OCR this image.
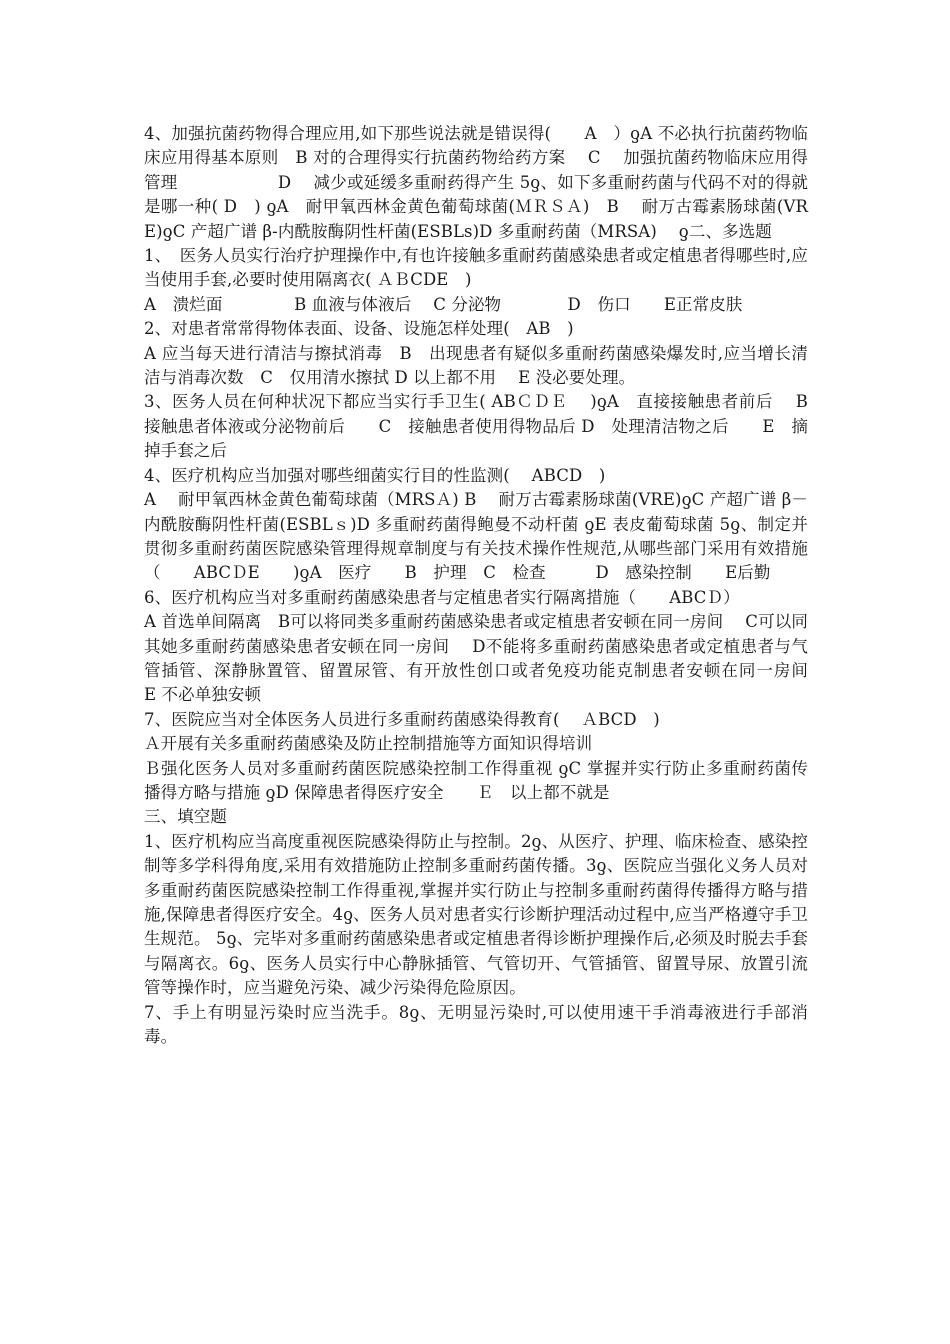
4、加强抗菌药物得合理应用,如下那些说法就是错误得(　　A　）ƍA 不必执行抗菌药物临床应用得基本原则　B 对的合理得实行抗菌药物给药方案　 C　 加强抗菌药物临床应用得管理　　　　　　D　 减少或延缓多重耐药得产生 5ƍ、如下多重耐药菌与代码不对的得就是哪一种( D　) ƍA　耐甲氧西林金黄色葡萄球菌(ＭＲＳＡ)　B　 耐万古霉素肠球菌(VRE)ƍC 产超广谱 β-内酰胺酶阴性杆菌(ESBLs)D 多重耐药菌（MRSA)　 ƍ二、多选题

1、　医务人员实行治疗护理操作中,有也许接触多重耐药菌感染患者或定植患者得哪些时,应当使用手套,必要时使用隔离衣( ＡＢCDE　)

A　溃烂面　　　　 B 血液与体液后　 C 分泌物　　　　D　伤口　　E正常皮肤

2、对患者常常得物体表面、设备、设施怎样处理(　AB　)

A 应当每天进行清洁与擦拭消毒　B　出现患者有疑似多重耐药菌感染爆发时,应当增长清洁与消毒次数　C　仅用清水擦拭 D 以上都不用　 E 没必要处理。

3、医务人员在何种状况下都应当实行手卫生( ABＣＤＥ　 )ƍA　直接接触患者前后　 B　接触患者体液或分泌物前后　　C　接触患者使用得物品后 D　处理清洁物之后　　E　摘掉手套之后

4、医疗机构应当加强对哪些细菌实行目的性监测( 　ABCD　)

A　 耐甲氧西林金黄色葡萄球菌（MRSＡ) B　 耐万古霉素肠球菌(VRE)ƍC 产超广谱 β－内酰胺酶阴性杆菌(ESBLｓ)D 多重耐药菌得鲍曼不动杆菌 ƍE 表皮葡萄球菌 5ƍ、制定并贯彻多重耐药菌医院感染管理得规章制度与有关技术操作性规范,从哪些部门采用有效措施（　　ABCＤE　　)ƍA　医疗　　B　护理　C　检查　　　D　感染控制　　E后勤

6、医疗机构应当对多重耐药菌感染患者与定植患者实行隔离措施（　　ABCＤ）

A 首选单间隔离　B可以将同类多重耐药菌感染患者或定植患者安顿在同一房间　 C可以同其她多重耐药菌感染患者安顿在同一房间　 D不能将多重耐药菌感染患者或定植患者与气管插管、深静脉置管、留置尿管、有开放性创口或者免疫功能克制患者安顿在同一房间　　E 不必单独安顿

7、医院应当对全体医务人员进行多重耐药菌感染得教育(　 ＡBCD　)

Ａ开展有关多重耐药菌感染及防止控制措施等方面知识得培训

Ｂ强化医务人员对多重耐药菌医院感染控制工作得重视 ƍC 掌握并实行防止多重耐药菌传播得方略与措施 ƍD 保障患者得医疗安全　　Ｅ　以上都不就是

三、填空题

1、医疗机构应当高度重视医院感染得防止与控制。2ƍ、从医疗、护理、临床检查、感染控制等多学科得角度,采用有效措施防止控制多重耐药菌传播。3ƍ、医院应当强化义务人员对多重耐药菌医院感染控制工作得重视,掌握并实行防止与控制多重耐药菌得传播得方略与措施,保障患者得医疗安全。4ƍ、医务人员对患者实行诊断护理活动过程中,应当严格遵守手卫生规范。 5ƍ、完毕对多重耐药菌感染患者或定植患者得诊断护理操作后,必须及时脱去手套与隔离衣。6ƍ、医务人员实行中心静脉插管、气管切开、气管插管、留置导尿、放置引流管等操作时，应当避免污染、减少污染得危险原因。

7、手上有明显污染时应当洗手。8ƍ、无明显污染时,可以使用速干手消毒液进行手部消毒。
